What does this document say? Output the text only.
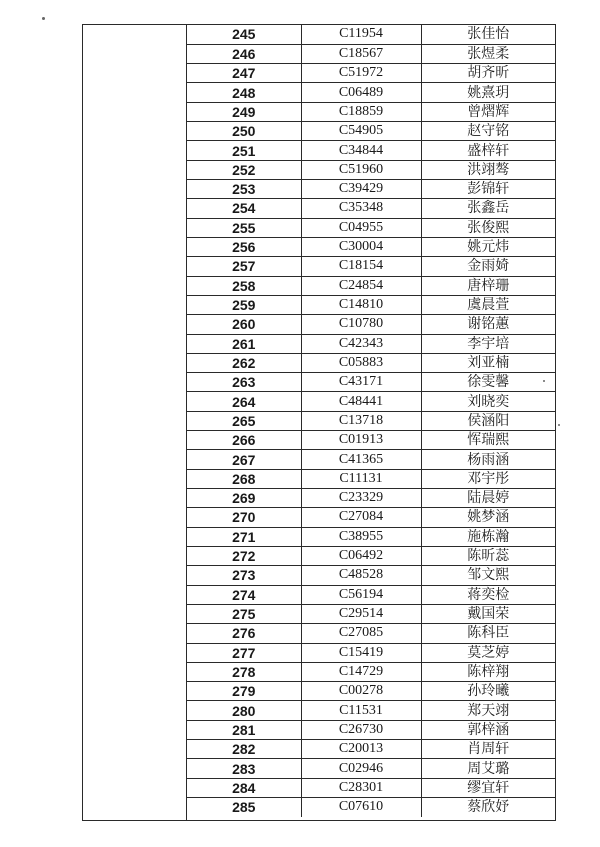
245	C11954	张佳怡
246	C18567	张煜柔
247	C51972	胡齐昕
248	C06489	姚熹玥
249	C18859	曾熠辉
250	C54905	赵守铭
251	C34844	盛梓轩
252	C51960	洪翊骜
253	C39429	彭锦轩
254	C35348	张鑫岳
255	C04955	张俊熙
256	C30004	姚元炜
257	C18154	金雨婍
258	C24854	唐梓珊
259	C14810	虞晨萱
260	C10780	谢铭蕙
261	C42343	李宇培
262	C05883	刘亚楠
263	C43171	徐雯馨
264	C48441	刘晓奕
265	C13718	侯涵阳
266	C01913	恽瑞熙
267	C41365	杨雨涵
268	C11131	邓宇彤
269	C23329	陆晨婷
270	C27084	姚梦涵
271	C38955	施栋瀚
272	C06492	陈昕蕊
273	C48528	邹文熙
274	C56194	蒋奕检
275	C29514	戴国荣
276	C27085	陈科臣
277	C15419	莫芝婷
278	C14729	陈梓翔
279	C00278	孙玲曦
280	C11531	郑天翊
281	C26730	郭梓涵
282	C20013	肖周轩
283	C02946	周艾璐
284	C28301	缪宜轩
285	C07610	蔡欣妤
